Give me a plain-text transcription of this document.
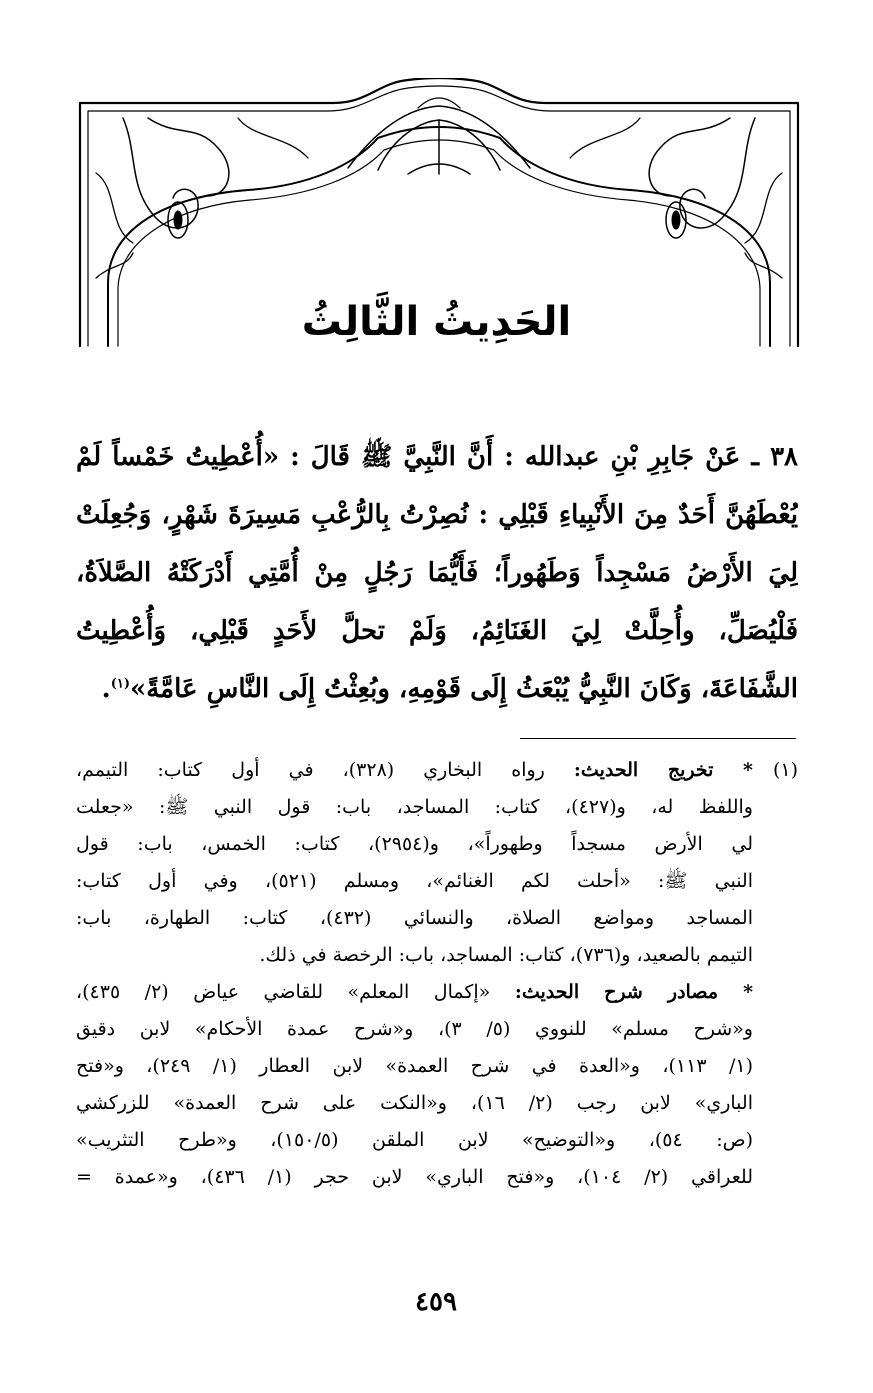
الحَدِيثُ الثَّالِثُ
٣٨ ـ عَنْ جَابِرِ بْنِ عبدالله : أَنَّ النَّبِيَّ ﷺ قَالَ : «أُعْطِيتُ خَمْساً لَمْ
يُعْطَهُنَّ أَحَدٌ مِنَ الأَنْبِياءِ قَبْلِي : نُصِرْتُ بِالرُّعْبِ مَسِيرَةَ شَهْرٍ، وَجُعِلَتْ
لِيَ الأَرْضُ مَسْجِداً وَطَهُوراً؛ فَأَيُّمَا رَجُلٍ مِنْ أُمَّتِي أَدْرَكَتْهُ الصَّلاَةُ،
فَلْيُصَلِّ، وأُحِلَّتْ لِيَ الغَنَائِمُ، وَلَمْ تحلَّ لأَحَدٍ قَبْلِي، وَأُعْطِيتُ
الشَّفَاعَةَ، وَكَانَ النَّبِيُّ يُبْعَثُ إِلَى قَوْمِهِ، وبُعِثْتُ إِلَى النَّاسِ عَامَّةً»$^{(١)}$.
(١)
* تخريج الحديث: رواه البخاري (٣٢٨)، في أول كتاب: التيمم،
واللفظ له، و(٤٢٧)، كتاب: المساجد، باب: قول النبي ﷺ: «جعلت
لي الأرض مسجداً وطهوراً»، و(٢٩٥٤)، كتاب: الخمس، باب: قول
النبي ﷺ: «أحلت لكم الغنائم»، ومسلم (٥٢١)، وفي أول كتاب:
المساجد ومواضع الصلاة، والنسائي (٤٣٢)، كتاب: الطهارة، باب:
التيمم بالصعيد، و(٧٣٦)، كتاب: المساجد، باب: الرخصة في ذلك.
* مصادر شرح الحديث: «إكمال المعلم» للقاضي عياض (٢/ ٤٣٥)،
و«شرح مسلم» للنووي (٥/ ٣)، و«شرح عمدة الأحكام» لابن دقيق
(١/ ١١٣)، و«العدة في شرح العمدة» لابن العطار (١/ ٢٤٩)، و«فتح
الباري» لابن رجب (٢/ ١٦)، و«النكت على شرح العمدة» للزركشي
(ص: ٥٤)، و«التوضيح» لابن الملقن (١٥٠/٥)، و«طرح التثريب»
للعراقي (٢/ ١٠٤)، و«فتح الباري» لابن حجر (١/ ٤٣٦)، و«عمدة =
٤٥٩
